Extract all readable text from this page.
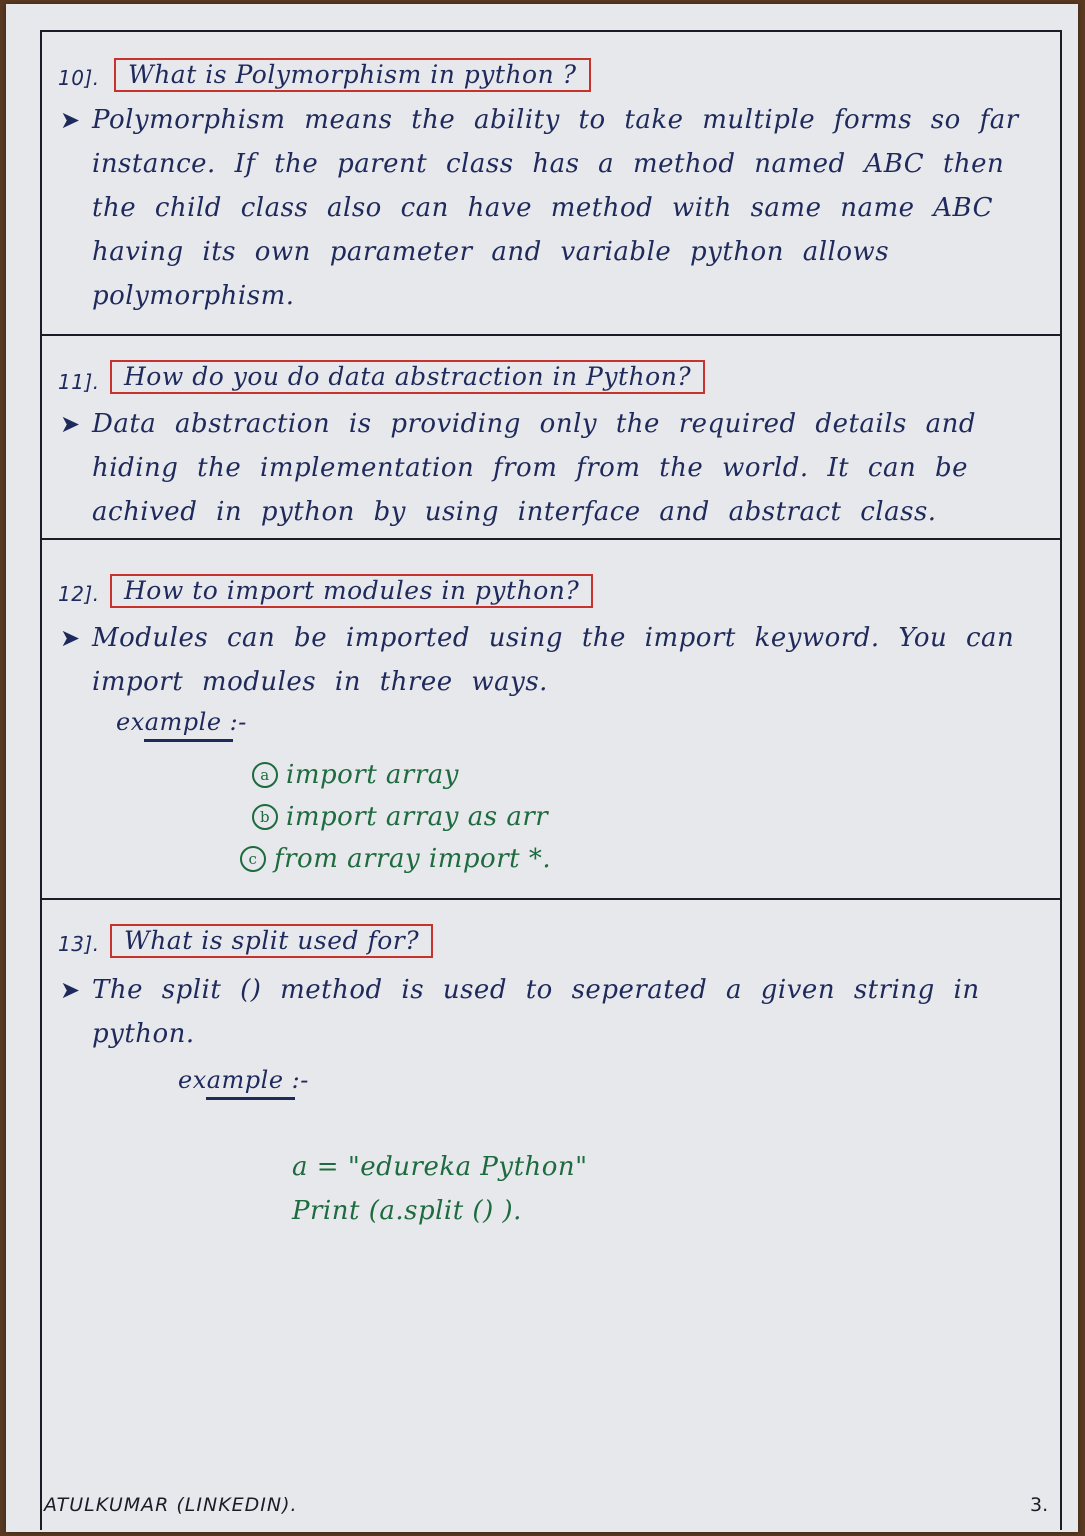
10].	What is Polymorphism in python ?
➤ Polymorphism means the ability to take multiple forms so far instance. If the parent class has a method named ABC then the child class also can have method with same name ABC having its own parameter and variable python allows polymorphism.
11]. How do you do data abstraction in Python?
➤ Data abstraction is providing only the required details and hiding the implementation from from the world. It can be achived in python by using interface and abstract class.
12]. How to import modules in python?
➤ Modules can be imported using the import keyword. You can import modules in three ways.
example :-
a import array
b import array as arr
c from array import *.
13]. What is split used for?
➤ The split () method is used to seperated a given string in python.
example :-
a = "edureka Python"
Print (a.split () ).
ATULKUMAR (LINKEDIN).	3.
